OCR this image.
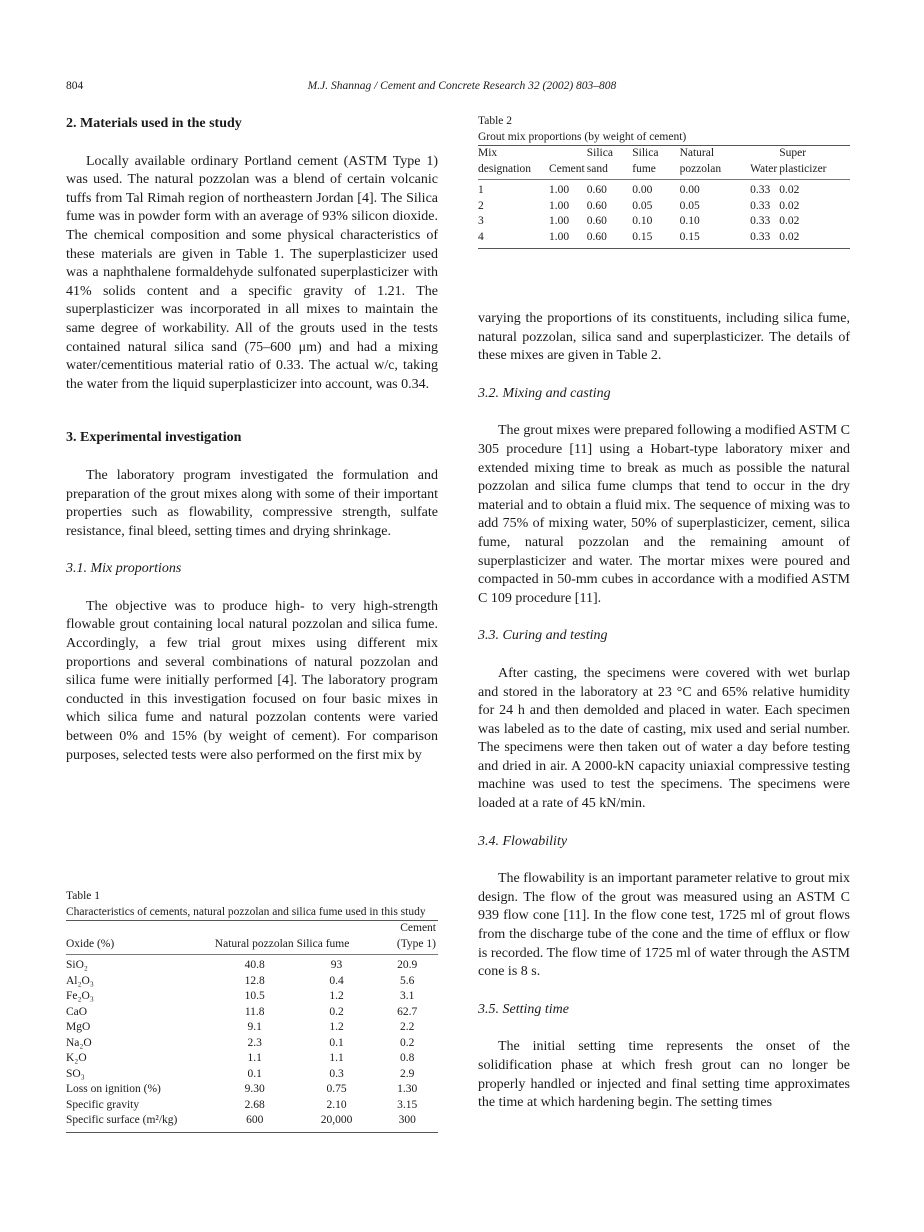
804	M.J. Shannag / Cement and Concrete Research 32 (2002) 803–808

2. Materials used in the study

Locally available ordinary Portland cement (ASTM Type 1) was used. The natural pozzolan was a blend of certain volcanic tuffs from Tal Rimah region of northeastern Jordan [4]. The Silica fume was in powder form with an average of 93% silicon dioxide. The chemical composition and some physical characteristics of these materials are given in Table 1. The superplasticizer used was a naphthalene formaldehyde sulfonated superplasticizer with 41% solids content and a specific gravity of 1.21. The superplasticizer was incorporated in all mixes to maintain the same degree of workability. All of the grouts used in the tests contained natural silica sand (75–600 μm) and had a mixing water/cementitious material ratio of 0.33. The actual w/c, taking the water from the liquid superplasticizer into account, was 0.34.

3. Experimental investigation

The laboratory program investigated the formulation and preparation of the grout mixes along with some of their important properties such as flowability, compressive strength, sulfate resistance, final bleed, setting times and drying shrinkage.

3.1. Mix proportions

The objective was to produce high- to very high-strength flowable grout containing local natural pozzolan and silica fume. Accordingly, a few trial grout mixes using different mix proportions and several combinations of natural pozzolan and silica fume were initially performed [4]. The laboratory program conducted in this investigation focused on four basic mixes in which silica fume and natural pozzolan contents were varied between 0% and 15% (by weight of cement). For comparison purposes, selected tests were also performed on the first mix by

Table 1
Characteristics of cements, natural pozzolan and silica fume used in this study
Oxide (%)	Natural pozzolan	Silica fume	Cement (Type 1)
SiO₂	40.8	93	20.9
Al₂O₃	12.8	0.4	5.6
Fe₂O₃	10.5	1.2	3.1
CaO	11.8	0.2	62.7
MgO	9.1	1.2	2.2
Na₂O	2.3	0.1	0.2
K₂O	1.1	1.1	0.8
SO₃	0.1	0.3	2.9
Loss on ignition (%)	9.30	0.75	1.30
Specific gravity	2.68	2.10	3.15
Specific surface (m²/kg)	600	20,000	300
Table 2
Grout mix proportions (by weight of cement)
Mix designation	Cement	Silica sand	Silica fume	Natural pozzolan	Water	Super plasticizer
1	1.00	0.60	0.00	0.00	0.33	0.02
2	1.00	0.60	0.05	0.05	0.33	0.02
3	1.00	0.60	0.10	0.10	0.33	0.02
4	1.00	0.60	0.15	0.15	0.33	0.02

varying the proportions of its constituents, including silica fume, natural pozzolan, silica sand and superplasticizer. The details of these mixes are given in Table 2.

3.2. Mixing and casting

The grout mixes were prepared following a modified ASTM C 305 procedure [11] using a Hobart-type laboratory mixer and extended mixing time to break as much as possible the natural pozzolan and silica fume clumps that tend to occur in the dry material and to obtain a fluid mix. The sequence of mixing was to add 75% of mixing water, 50% of superplasticizer, cement, silica fume, natural pozzolan and the remaining amount of superplasticizer and water. The mortar mixes were poured and compacted in 50-mm cubes in accordance with a modified ASTM C 109 procedure [11].

3.3. Curing and testing

After casting, the specimens were covered with wet burlap and stored in the laboratory at 23 °C and 65% relative humidity for 24 h and then demolded and placed in water. Each specimen was labeled as to the date of casting, mix used and serial number. The specimens were then taken out of water a day before testing and dried in air. A 2000-kN capacity uniaxial compressive testing machine was used to test the specimens. The specimens were loaded at a rate of 45 kN/min.

3.4. Flowability

The flowability is an important parameter relative to grout mix design. The flow of the grout was measured using an ASTM C 939 flow cone [11]. In the flow cone test, 1725 ml of grout flows from the discharge tube of the cone and the time of efflux or flow is recorded. The flow time of 1725 ml of water through the ASTM cone is 8 s.

3.5. Setting time

The initial setting time represents the onset of the solidification phase at which fresh grout can no longer be properly handled or injected and final setting time approximates the time at which hardening begin. The setting times
